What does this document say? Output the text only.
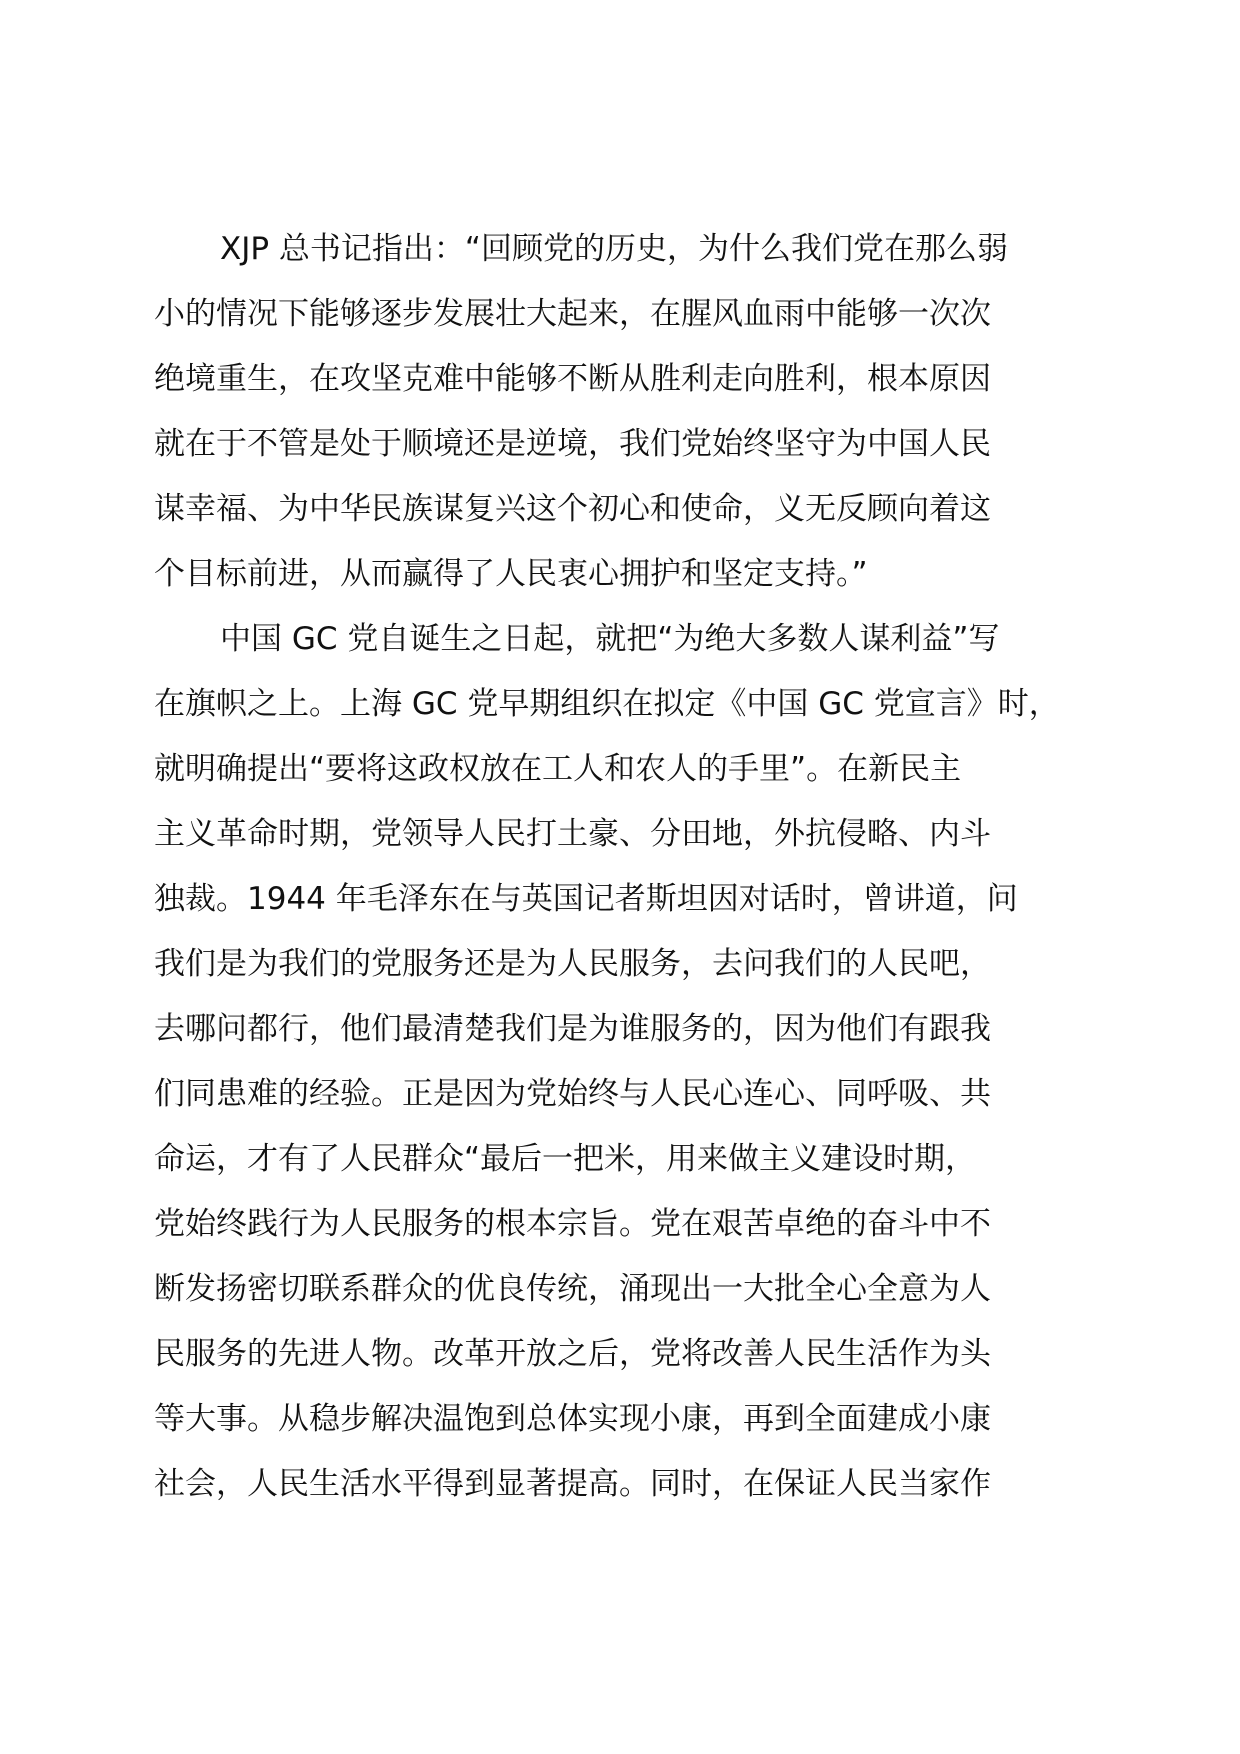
XJP 总书记指出：“回顾党的历史，为什么我们党在那么弱
小的情况下能够逐步发展壮大起来，在腥风血雨中能够一次次
绝境重生，在攻坚克难中能够不断从胜利走向胜利，根本原因
就在于不管是处于顺境还是逆境，我们党始终坚守为中国人民
谋幸福、为中华民族谋复兴这个初心和使命，义无反顾向着这
个目标前进，从而赢得了人民衷心拥护和坚定支持。”
中国 GC 党自诞生之日起，就把“为绝大多数人谋利益”写
在旗帜之上。上海 GC 党早期组织在拟定《中国 GC 党宣言》时，
就明确提出“要将这政权放在工人和农人的手里”。在新民主
主义革命时期，党领导人民打土豪、分田地，外抗侵略、内斗
独裁。1944 年毛泽东在与英国记者斯坦因对话时，曾讲道，问
我们是为我们的党服务还是为人民服务，去问我们的人民吧，
去哪问都行，他们最清楚我们是为谁服务的，因为他们有跟我
们同患难的经验。正是因为党始终与人民心连心、同呼吸、共
命运，才有了人民群众“最后一把米，用来做主义建设时期，
党始终践行为人民服务的根本宗旨。党在艰苦卓绝的奋斗中不
断发扬密切联系群众的优良传统，涌现出一大批全心全意为人
民服务的先进人物。改革开放之后，党将改善人民生活作为头
等大事。从稳步解决温饱到总体实现小康，再到全面建成小康
社会，人民生活水平得到显著提高。同时，在保证人民当家作
